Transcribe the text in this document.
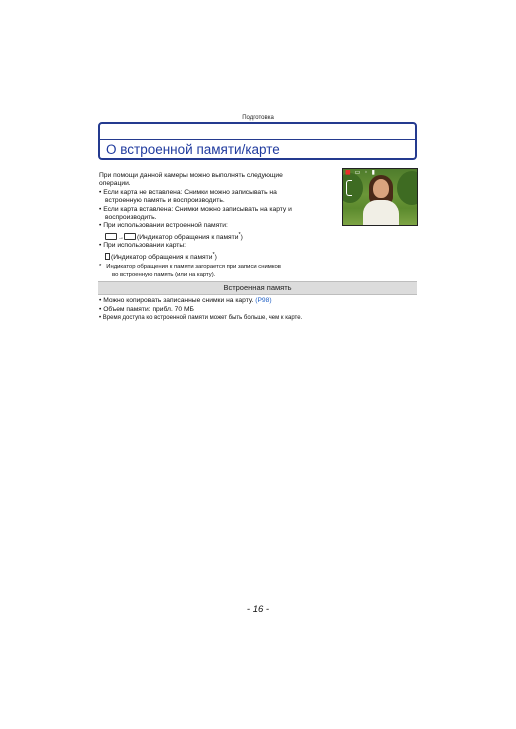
Подготовка
О встроенной памяти/карте

При помощи данной камеры можно выполнять следующие

операции.

• Если карта не вставлена: Снимки можно записывать на

встроенную память и воспроизводить.

• Если карта вставлена: Снимки можно записывать на карту и

воспроизводить.

• При использовании встроенной памяти:

→ (Индикатор обращения к памяти*)

• При использовании карты:

(Индикатор обращения к памяти*)

* Индикатор обращения к памяти загорается при записи снимков

во встроенную память (или на карту).

■ ▭ ◦ ▮
Встроенная память

• Можно копировать записанные снимки на карту. (P98)

• Объем памяти: прибл. 70 МБ

• Время доступа ко встроенной памяти может быть больше, чем к карте.

- 16 -
